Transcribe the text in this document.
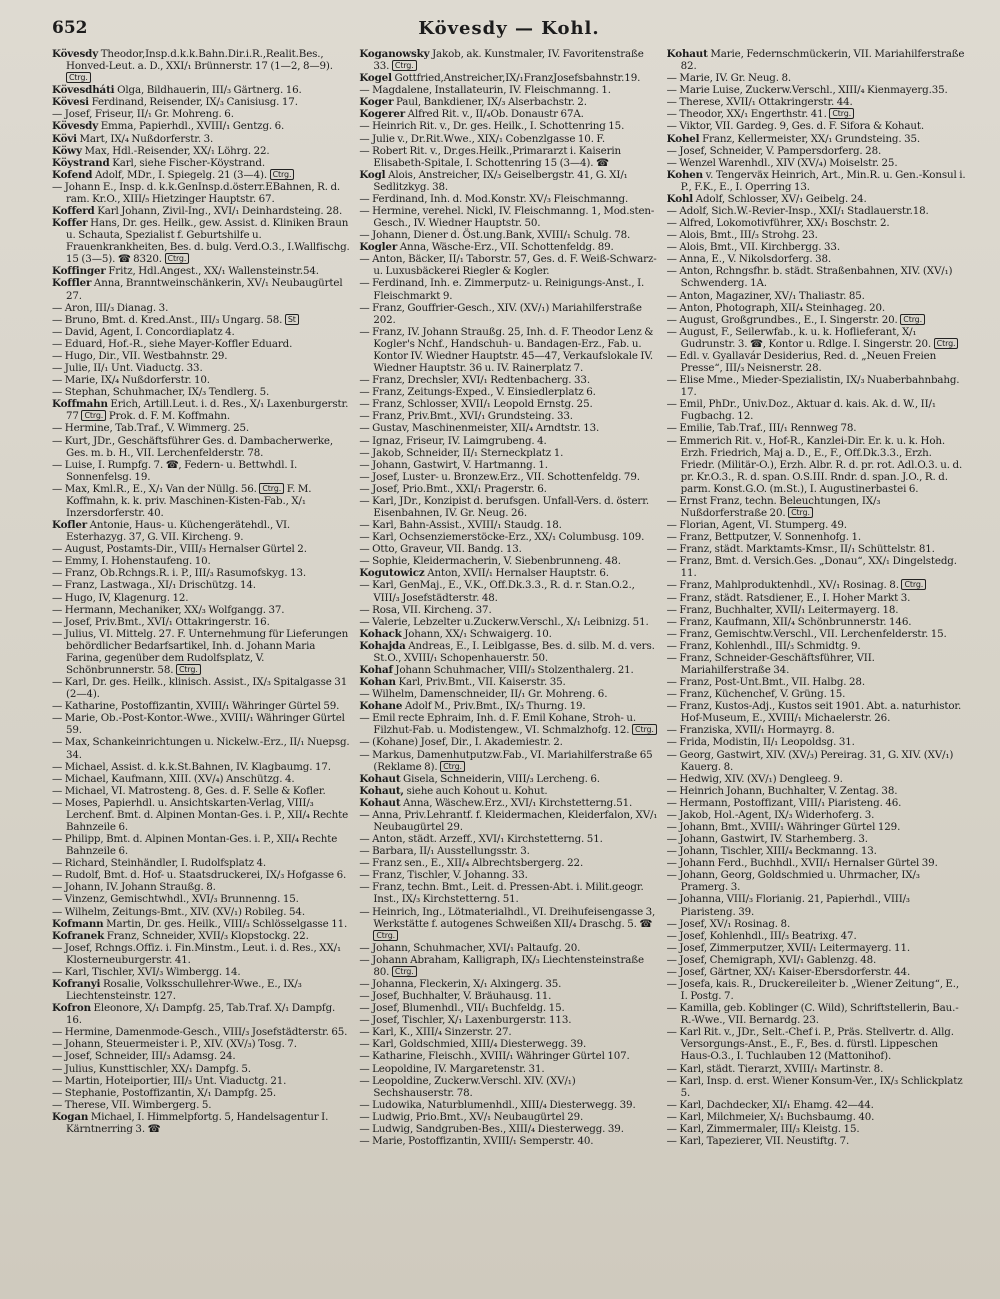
652	Kövesdy — Kohl.

Kövesdy Theodor,Insp.d.k.k.Bahn.Dir.i.R.,Realit.Bes., Honved-Leut. a. D., XXI/₁ Brünnerstr. 17 (1—2, 8—9). Ctrg.

Kövesdháti Olga, Bildhauerin, III/₃ Gärtnerg. 16.

Kövesi Ferdinand, Reisender, IX/₃ Canisiusg. 17.

— Josef, Friseur, II/₁ Gr. Mohreng. 6.

Kövesdy Emma, Papierhdl., XVIII/₁ Gentzg. 6.

Kövi Mart, IX/₄ Nußdorferstr. 3.

Köwy Max, Hdl.-Reisender, XX/₁ Löhrg. 22.

Köystrand Karl, siehe Fischer-Köystrand.

Kofend Adolf, MDr., I. Spiegelg. 21 (3—4). Ctrg.

— Johann E., Insp. d. k.k.GenInsp.d.österr.EBahnen, R. d. ram. Kr.O., XIII/₅ Hietzinger Hauptstr. 67.

Kofferd Karl Johann, Zivil-Ing., XVI/₁ Deinhardsteing. 28.

Koffer Hans, Dr. ges. Heilk., gew. Assist. d. Kliniken Braun u. Schauta, Spezialist f. Geburtshilfe u. Frauenkrankheiten, Bes. d. bulg. Verd.O.3., I.Wallfischg. 15 (3—5). ☎ 8320. Ctrg.

Koffinger Fritz, Hdl.Angest., XX/₁ Wallensteinstr.54.

Koffler Anna, Branntweinschänkerin, XV/₁ Neubaugürtel 27.

— Aron, III/₃ Dianag. 3.

— Bruno, Bmt. d. Kred.Anst., III/₃ Ungarg. 58. St

— David, Agent, I. Concordiaplatz 4.

— Eduard, Hof.-R., siehe Mayer-Koffler Eduard.

— Hugo, Dir., VII. Westbahnstr. 29.

— Julie, II/₁ Unt. Viaductg. 33.

— Marie, IX/₄ Nußdorferstr. 10.

— Stephan, Schuhmacher, IX/₃ Tendlerg. 5.

Koffmahn Erich, Artill.Leut. i. d. Res., X/₁ Laxenburgerstr. 77 Ctrg. Prok. d. F. M. Koffmahn.

— Hermine, Tab.Traf., V. Wimmerg. 25.

— Kurt, JDr., Geschäftsführer Ges. d. Dambacherwerke, Ges. m. b. H., VII. Lerchenfelderstr. 78.

— Luise, I. Rumpfg. 7. ☎, Federn- u. Bettwhdl. I. Sonnenfelsg. 19.

— Max, Kml.R., E., X/₁ Van der Nüllg. 56. Ctrg. F. M. Koffmahn, k. k. priv. Maschinen-Kisten-Fab., X/₁ Inzersdorferstr. 40.

Kofler Antonie, Haus- u. Küchengerätehdl., VI. Esterhazyg. 37, G. VII. Kircheng. 9.

— August, Postamts-Dir., VIII/₃ Hernalser Gürtel 2.

— Emmy, I. Hohenstaufeng. 10.

— Franz, Ob.Rchngs.R. i. P., III/₃ Rasumofskyg. 13.

— Franz, Lastwaga., XI/₁ Drischützg. 14.

— Hugo, IV, Klagenurg. 12.

— Hermann, Mechaniker, XX/₃ Wolfgangg. 37.

— Josef, Priv.Bmt., XVI/₁ Ottakringerstr. 16.

— Julius, VI. Mittelg. 27. F. Unternehmung für Lieferungen behördlicher Bedarfsartikel, Inh. d. Johann Maria Farina, gegenüber dem Rudolfsplatz, V. Schönbrunnerstr. 58. Ctrg.

— Karl, Dr. ges. Heilk., klinisch. Assist., IX/₃ Spitalgasse 31 (2—4).

— Katharine, Postoffizantin, XVIII/₁ Währinger Gürtel 59.

— Marie, Ob.-Post-Kontor.-Wwe., XVIII/₁ Währinger Gürtel 59.

— Max, Schankeinrichtungen u. Nickelw.-Erz., II/₁ Nuepsg. 34.

— Michael, Assist. d. k.k.St.Bahnen, IV. Klagbaumg. 17.

— Michael, Kaufmann, XIII. (XV/₄) Anschützg. 4.

— Michael, VI. Matrosteng. 8, Ges. d. F. Selle & Kofler.

— Moses, Papierhdl. u. Ansichtskarten-Verlag, VIII/₃ Lerchenf. Bmt. d. Alpinen Montan-Ges. i. P., XII/₄ Rechte Bahnzeile 6.

— Philipp, Bmt. d. Alpinen Montan-Ges. i. P., XII/₄ Rechte Bahnzeile 6.

— Richard, Steinhändler, I. Rudolfsplatz 4.

— Rudolf, Bmt. d. Hof- u. Staatsdruckerei, IX/₃ Hofgasse 6.

— Johann, IV. Johann Straußg. 8.

— Vinzenz, Gemischtwhdl., XVI/₃ Brunnenng. 15.

— Wilhelm, Zeitungs-Bmt., XIV. (XV/₁) Robileg. 54.

Kofmann Martin, Dr. ges. Heilk., VIII/₃ Schlösselgasse 11.

Kofranek Franz, Schneider, XVII/₃ Klopstockg. 22.

— Josef, Rchngs.Offiz. i. Fin.Minstm., Leut. i. d. Res., XX/₁ Klosterneuburgerstr. 41.

— Karl, Tischler, XVI/₃ Wimbergg. 14.

Kofranyi Rosalie, Volksschullehrer-Wwe., E., IX/₃ Liechtensteinstr. 127.

Kofron Eleonore, X/₁ Dampfg. 25, Tab.Traf. X/₁ Dampfg. 16.

— Hermine, Damenmode-Gesch., VIII/₃ Josefstädterstr. 65.

— Johann, Steuermeister i. P., XIV. (XV/₃) Tosg. 7.

— Josef, Schneider, III/₃ Adamsg. 24.

— Julius, Kunsttischler, XX/₁ Dampfg. 5.

— Martin, Hoteiportier, III/₃ Unt. Viaductg. 21.

— Stephanie, Postoffizantin, X/₁ Dampfg. 25.

— Therese, VII. Wimbergerg. 5.

Kogan Michael, I. Himmelpfortg. 5, Handelsagentur I. Kärntnerring 3. ☎

Koganowsky Jakob, ak. Kunstmaler, IV. Favoritenstraße 33. Ctrg.

Kogel Gottfried,Anstreicher,IX/₁FranzJosefsbahnstr.19.

— Magdalene, Installateurin, IV. Fleischmanng. 1.

Koger Paul, Bankdiener, IX/₃ Alserbachstr. 2.

Kogerer Alfred Rit. v., II/₄Ob. Donaustr 67A.

— Heinrich Rit. v., Dr. ges. Heilk., I. Schottenring 15.

— Julie v., Dr.Rit.Wwe., XIX/₁ Cobenzlgasse 10. F.

— Robert Rit. v., Dr.ges.Heilk.,Primararzt i. Kaiserin Elisabeth-Spitale, I. Schottenring 15 (3—4). ☎

Kogl Alois, Anstreicher, IX/₃ Geiselbergstr. 41, G. XI/₁ Sedlitzkyg. 38.

— Ferdinand, Inh. d. Mod.Konstr. XV/₃ Fleischmanng.

— Hermine, verehel. Nickl, IV. Fleischmanng. 1, Mod.sten-Gesch., IV. Wiedner Hauptstr. 50.

— Johann, Diener d. Öst.ung.Bank, XVIII/₁ Schulg. 78.

Kogler Anna, Wäsche-Erz., VII. Schottenfeldg. 89.

— Anton, Bäcker, II/₁ Taborstr. 57, Ges. d. F. Weiß-Schwarz- u. Luxusbäckerei Riegler & Kogler.

— Ferdinand, Inh. e. Zimmerputz- u. Reinigungs-Anst., I. Fleischmarkt 9.

— Franz, Gouffrier-Gesch., XIV. (XV/₁) Mariahilferstraße 202.

— Franz, IV. Johann Straußg. 25, Inh. d. F. Theodor Lenz & Kogler's Nchf., Handschuh- u. Bandagen-Erz., Fab. u. Kontor IV. Wiedner Hauptstr. 45—47, Verkaufslokale IV. Wiedner Hauptstr. 36 u. IV. Rainerplatz 7.

— Franz, Drechsler, XVI/₁ Redtenbacherg. 33.

— Franz, Zeitungs-Exped., V. Einsiedlerplatz 6.

— Franz, Schlosser, XVII/₁ Leopold Ernstg. 25.

— Franz, Priv.Bmt., XVI/₁ Grundsteing. 33.

— Gustav, Maschinenmeister, XII/₄ Arndtstr. 13.

— Ignaz, Friseur, IV. Laimgrubeng. 4.

— Jakob, Schneider, II/₁ Sterneckplatz 1.

— Johann, Gastwirt, V. Hartmanng. 1.

— Josef, Luster- u. Bronzew.Erz., VII. Schottenfeldg. 79.

— Josef, Prio.Bmt., XXI/₁ Pragerstr. 6.

— Karl, JDr., Konzipist d. berufsgen. Unfall-Vers. d. österr. Eisenbahnen, IV. Gr. Neug. 26.

— Karl, Bahn-Assist., XVIII/₁ Staudg. 18.

— Karl, Ochsenziemerstöcke-Erz., XX/₁ Columbusg. 109.

— Otto, Graveur, VII. Bandg. 13.

— Sophie, Kleidermacherin, V. Siebenbrunneng. 48.

Kogutowicz Anton, XVII/₁ Hernalser Hauptstr. 6.

— Karl, GenMaj., E., V.K., Off.Dk.3.3., R. d. r. Stan.O.2., VIII/₃ Josefstädterstr. 48.

— Rosa, VII. Kircheng. 37.

— Valerie, Lebzelter u.Zuckerw.Verschl., X/₁ Leibnizg. 51.

Kohack Johann, XX/₁ Schwaigerg. 10.

Kohajda Andreas, E., I. Leiblgasse, Bes. d. silb. M. d. vers. St.O., XVIII/₁ Schopenhauerstr. 50.

Kohaf Johann Schuhmacher, VIII/₃ Stolzenthalerg. 21.

Kohan Karl, Priv.Bmt., VII. Kaiserstr. 35.

— Wilhelm, Damenschneider, II/₁ Gr. Mohreng. 6.

Kohane Adolf M., Priv.Bmt., IX/₃ Thurng. 19.

— Emil recte Ephraim, Inh. d. F. Emil Kohane, Stroh- u. Filzhut-Fab. u. Modistengew., VI. Schmalzhofg. 12. Ctrg.

— (Kohane) Josef, Dir., I. Akademiestr. 2.

— Markus, Damenhutputzw.Fab., VI. Mariahilferstraße 65 (Reklame 8). Ctrg.

Kohaut Gisela, Schneiderin, VIII/₃ Lercheng. 6.

Kohaut, siehe auch Kohout u. Kohut.

Kohaut Anna, Wäschew.Erz., XVI/₁ Kirchstetterng.51.

— Anna, Priv.Lehrantf. f. Kleidermachen, Kleiderfalon, XV/₁ Neubaugürtel 29.

— Anton, städt. Arzeff., XVI/₁ Kirchstetterng. 51.

— Barbara, II/₁ Ausstellungsstr. 3.

— Franz sen., E., XII/₄ Albrechtsbergerg. 22.

— Franz, Tischler, V. Johanng. 33.

— Franz, techn. Bmt., Leit. d. Pressen-Abt. i. Milit.geogr. Inst., IX/₃ Kirchstetterng. 51.

— Heinrich, Ing., Lötmaterialhdl., VI. Dreihufeisengasse 3, Werkstätte f. autogenes Schweißen XII/₄ Draschg. 5. ☎ Ctrg.

— Johann, Schuhmacher, XVI/₁ Paltaufg. 20.

— Johann Abraham, Kalligraph, IX/₃ Liechtensteinstraße 80. Ctrg.

— Johanna, Fleckerin, X/₁ Alxingerg. 35.

— Josef, Buchhalter, V. Bräuhausg. 11.

— Josef, Blumenhdl., VII/₁ Buchfeldg. 15.

— Josef, Tischler, X/₁ Laxenburgerstr. 113.

— Karl, K., XIII/₄ Sinzerstr. 27.

— Karl, Goldschmied, XIII/₄ Diesterwegg. 39.

— Katharine, Fleischh., XVIII/₁ Währinger Gürtel 107.

— Leopoldine, IV. Margaretenstr. 31.

— Leopoldine, Zuckerw.Verschl. XIV. (XV/₁) Sechshauserstr. 78.

— Ludowika, Naturblumenhdl., XIII/₄ Diesterwegg. 39.

— Ludwig, Prio.Bmt., XV/₁ Neubaugürtel 29.

— Ludwig, Sandgruben-Bes., XIII/₄ Diesterwegg. 39.

— Marie, Postoffizantin, XVIII/₁ Semperstr. 40.

Kohaut Marie, Federnschmückerin, VII. Mariahilferstraße 82.

— Marie, IV. Gr. Neug. 8.

— Marie Luise, Zuckerw.Verschl., XIII/₄ Kienmayerg.35.

— Therese, XVII/₁ Ottakringerstr. 44.

— Theodor, XX/₁ Engerthstr. 41. Ctrg.

— Viktor, VII. Gardeg. 9, Ges. d. F. Sifora & Kohaut.

Kohel Franz, Kellermeister, XX/₁ Grundsteing. 35.

— Josef, Schneider, V. Pampersdorferg. 28.

— Wenzel Warenhdl., XIV (XV/₄) Moiselstr. 25.

Kohen v. Tengerväx Heinrich, Art., Min.R. u. Gen.-Konsul i. P., F.K., E., I. Operring 13.

Kohl Adolf, Schlosser, XV/₁ Geibelg. 24.

— Adolf, Sich.W.-Revier-Insp., XXI/₁ Stadlauerstr.18.

— Alfred, Lokomotivführer, XX/₁ Boschstr. 2.

— Alois, Bmt., III/₃ Strohg. 23.

— Alois, Bmt., VII. Kirchbergg. 33.

— Anna, E., V. Nikolsdorferg. 38.

— Anton, Rchngsfhr. b. städt. Straßenbahnen, XIV. (XV/₁) Schwenderg. 1A.

— Anton, Magaziner, XV/₁ Thaliastr. 85.

— Anton, Photograph, XII/₄ Steinhageg. 20.

— August, Großgrundbes., E., I. Singerstr. 20. Ctrg.

— August, F., Seilerwfab., k. u. k. Hoflieferant, X/₁ Gudrunstr. 3. ☎, Kontor u. Rdlge. I. Singerstr. 20. Ctrg.

— Edl. v. Gyallavár Desiderius, Red. d. „Neuen Freien Presse“, III/₃ Neisnerstr. 28.

— Elise Mme., Mieder-Spezialistin, IX/₃ Nuaberbahnbahg. 17.

— Emil, PhDr., Univ.Doz., Aktuar d. kais. Ak. d. W., II/₁ Fugbachg. 12.

— Emilie, Tab.Traf., III/₁ Rennweg 78.

— Emmerich Rit. v., Hof-R., Kanzlei-Dir. Er. k. u. k. Hoh. Erzh. Friedrich, Maj a. D., E., F., Off.Dk.3.3., Erzh. Friedr. (Militär-O.), Erzh. Albr. R. d. pr. rot. Adl.O.3. u. d. pr. Kr.O.3., R. d. span. O.S.III. Rndr. d. span. J.O., R. d. parm. Konst.G.O. (m.St.), I. Augustinerbastei 6.

— Ernst Franz, techn. Beleuchtungen, IX/₃ Nußdorferstraße 20. Ctrg.

— Florian, Agent, VI. Stumperg. 49.

— Franz, Bettputzer, V. Sonnenhofg. 1.

— Franz, städt. Marktamts-Kmsr., II/₁ Schüttelstr. 81.

— Franz, Bmt. d. Versich.Ges. „Donau“, XX/₁ Dingelstedg. 11.

— Franz, Mahlproduktenhdl., XV/₁ Rosinag. 8. Ctrg.

— Franz, städt. Ratsdiener, E., I. Hoher Markt 3.

— Franz, Buchhalter, XVII/₁ Leitermayerg. 18.

— Franz, Kaufmann, XII/₄ Schönbrunnerstr. 146.

— Franz, Gemischtw.Verschl., VII. Lerchenfelderstr. 15.

— Franz, Kohlenhdl., III/₃ Schmidtg. 9.

— Franz, Schneider-Geschäftsführer, VII. Mariahilferstraße 34.

— Franz, Post-Unt.Bmt., VII. Halbg. 28.

— Franz, Küchenchef, V. Grüng. 15.

— Franz, Kustos-Adj., Kustos seit 1901. Abt. a. naturhistor. Hof-Museum, E., XVIII/₁ Michaelerstr. 26.

— Franziska, XVII/₁ Hormayrg. 8.

— Frida, Modistin, II/₁ Leopoldsg. 31.

— Georg, Gastwirt, XIV. (XV/₃) Pereirag. 31, G. XIV. (XV/₁) Kauerg. 8.

— Hedwig, XIV. (XV/₁) Dengleeg. 9.

— Heinrich Johann, Buchhalter, V. Zentag. 38.

— Hermann, Postoffizant, VIII/₁ Piaristeng. 46.

— Jakob, Hol.-Agent, IX/₃ Widerhoferg. 3.

— Johann, Bmt., XVIII/₁ Währinger Gürtel 129.

— Johann, Gastwirt, IV. Starhemberg. 3.

— Johann, Tischler, XIII/₄ Beckmanng. 13.

— Johann Ferd., Buchhdl., XVII/₁ Hernalser Gürtel 39.

— Johann, Georg, Goldschmied u. Uhrmacher, IX/₃ Pramerg. 3.

— Johanna, VIII/₃ Florianig. 21, Papierhdl., VIII/₃ Piaristeng. 39.

— Josef, XV/₁ Rosinag. 8.

— Josef, Kohlenhdl., III/₃ Beatrixg. 47.

— Josef, Zimmerputzer, XVII/₁ Leitermayerg. 11.

— Josef, Chemigraph, XVI/₁ Gablenzg. 48.

— Josef, Gärtner, XX/₁ Kaiser-Ebersdorferstr. 44.

— Josefa, kais. R., Druckereileiter b. „Wiener Zeitung“, E., I. Postg. 7.

— Kamilla, geb. Koblinger (C. Wild), Schriftstellerin, Bau.-R.-Wwe., VII. Bernardg. 23.

— Karl Rit. v., JDr., Selt.-Chef i. P., Präs. Stellvertr. d. Allg. Versorgungs-Anst., E., F., Bes. d. fürstl. Lippeschen Haus-O.3., I. Tuchlauben 12 (Mattonihof).

— Karl, städt. Tierarzt, XVIII/₁ Martinstr. 8.

— Karl, Insp. d. erst. Wiener Konsum-Ver., IX/₃ Schlickplatz 5.

— Karl, Dachdecker, XI/₁ Ehamg. 42—44.

— Karl, Milchmeier, X/₁ Buchsbaumg. 40.

— Karl, Zimmermaler, III/₃ Kleistg. 15.

— Karl, Tapezierer, VII. Neustiftg. 7.
